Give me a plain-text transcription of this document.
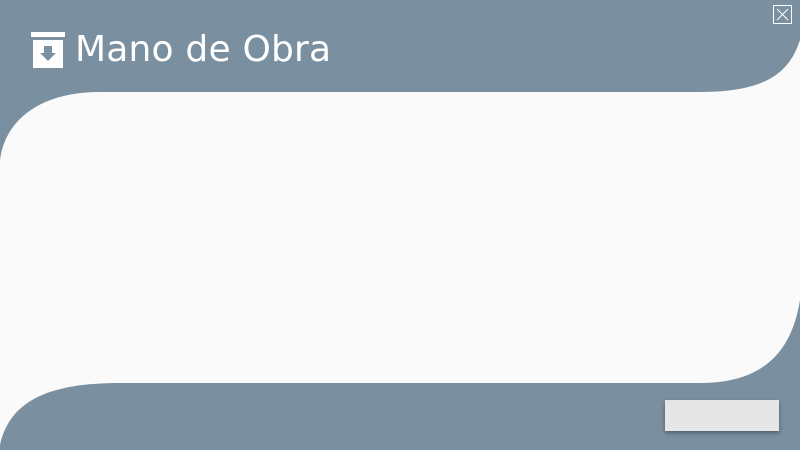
Mano de Obra
